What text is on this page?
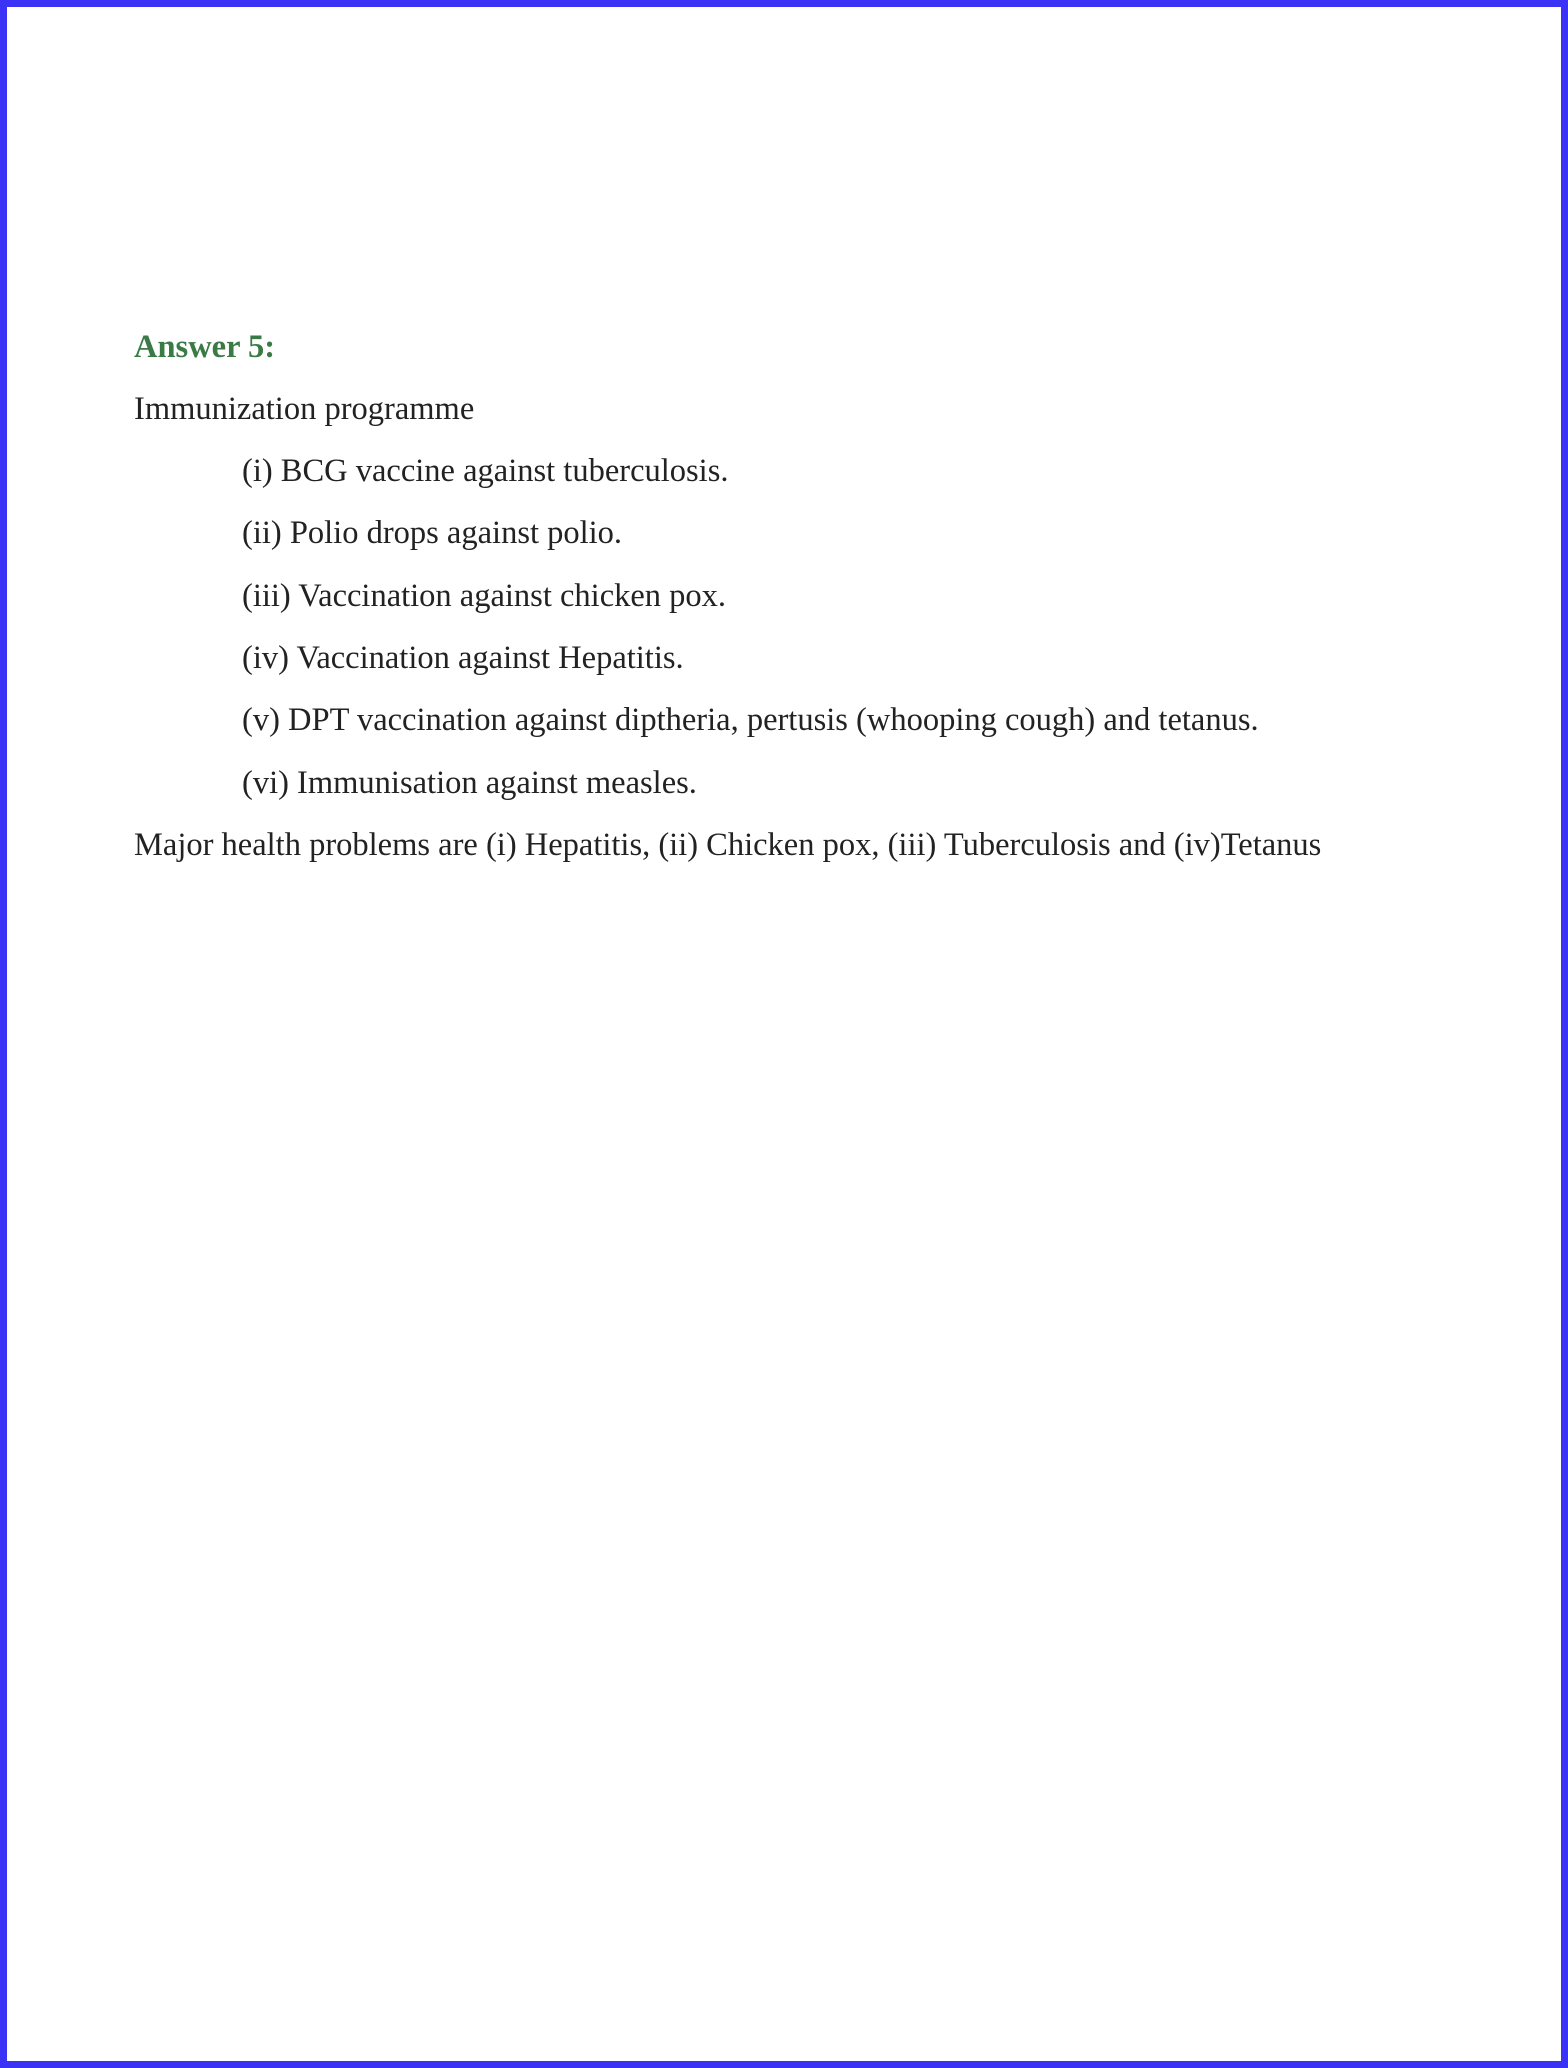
Answer 5:
Immunization programme
(i) BCG vaccine against tuberculosis.
(ii) Polio drops against polio.
(iii) Vaccination against chicken pox.
(iv) Vaccination against Hepatitis.
(v) DPT vaccination against diptheria, pertusis (whooping cough) and tetanus.
(vi) Immunisation against measles.
Major health problems are (i) Hepatitis, (ii) Chicken pox, (iii) Tuberculosis and (iv)Tetanus
